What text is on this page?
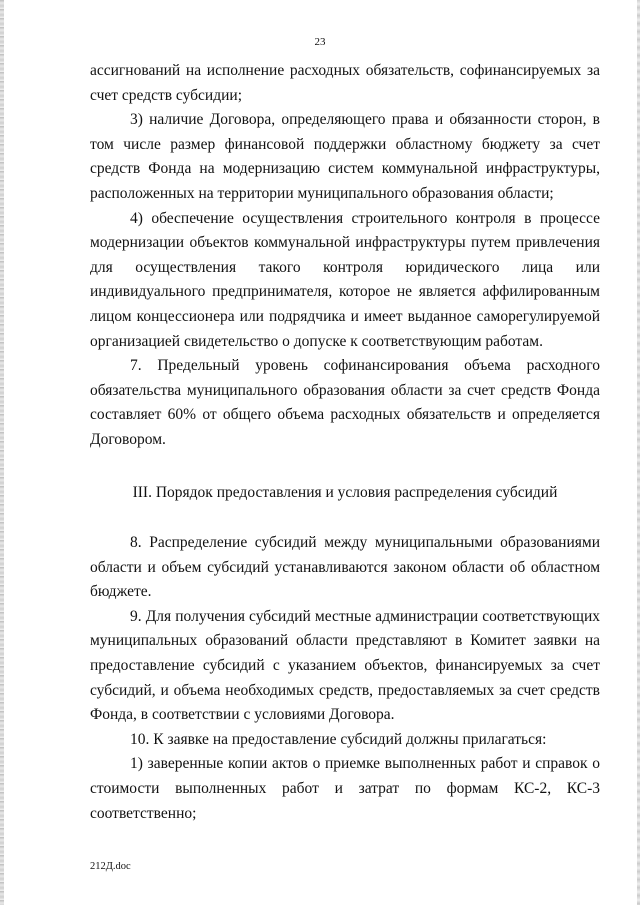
23

ассигнований на исполнение расходных обязательств, софинансируемых за счет средств субсидии;

3) наличие Договора, определяющего права и обязанности сторон, в том числе размер финансовой поддержки областному бюджету за счет средств Фонда на модернизацию систем коммунальной инфраструктуры, расположенных на территории муниципального образования области;

4) обеспечение осуществления строительного контроля в процессе модернизации объектов коммунальной инфраструктуры путем привлечения для осуществления такого контроля юридического лица или индивидуального предпринимателя, которое не является аффилированным лицом концессионера или подрядчика и имеет выданное саморегулируемой организацией свидетельство о допуске к соответствующим работам.

7. Предельный уровень софинансирования объема расходного обязательства муниципального образования области за счет средств Фонда составляет 60% от общего объема расходных обязательств и определяется Договором.

III. Порядок предоставления и условия распределения субсидий

8. Распределение субсидий между муниципальными образованиями области и объем субсидий устанавливаются законом области об областном бюджете.

9. Для получения субсидий местные администрации соответствующих муниципальных образований области представляют в Комитет заявки на предоставление субсидий с указанием объектов, финансируемых за счет субсидий, и объема необходимых средств, предоставляемых за счет средств Фонда, в соответствии с условиями Договора.

10. К заявке на предоставление субсидий должны прилагаться:

1) заверенные копии актов о приемке выполненных работ и справок о стоимости выполненных работ и затрат по формам КС-2, КС-3 соответственно;

212Д.doc
